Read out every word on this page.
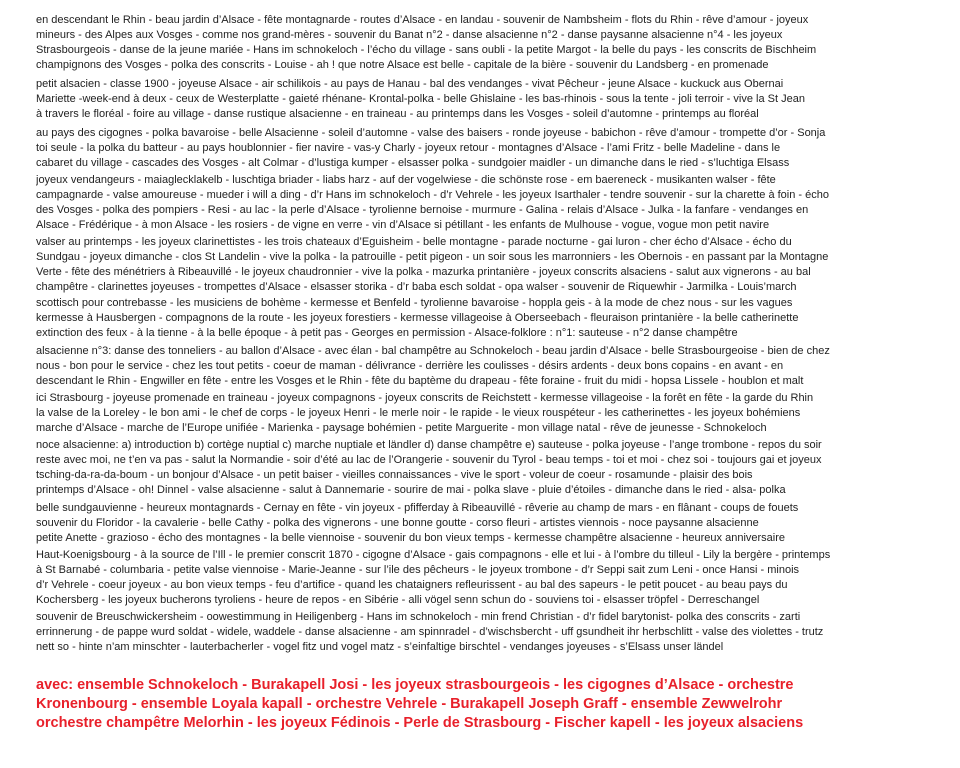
en descendant le Rhin - beau jardin d’Alsace - fête montagnarde - routes d’Alsace - en landau - souvenir de Nambsheim - flots du Rhin - rêve d’amour - joyeux
mineurs - des Alpes aux Vosges - comme nos grand-mères - souvenir du Banat n°2 - danse alsacienne n°2 - danse paysanne alsacienne n°4 - les joyeux
Strasbourgeois - danse de la jeune mariée - Hans im schnokeloch - l’écho du village - sans oubli - la petite Margot - la belle du pays - les conscrits de Bischheim
champignons des Vosges - polka des conscrits - Louise - ah ! que notre Alsace est belle - capitale de la bière - souvenir du Landsberg - en promenade
petit alsacien - classe 1900 - joyeuse Alsace - air schilikois - au pays de Hanau - bal des vendanges - vivat Pêcheur - jeune Alsace - kuckuck aus Obernai
Mariette -week-end à deux - ceux de Westerplatte - gaieté rhénane- Krontal-polka - belle Ghislaine - les bas-rhinois - sous la tente - joli terroir - vive la St Jean
à travers le floréal - foire au village - danse rustique alsacienne - en traineau - au printemps dans les Vosges - soleil d’automne - printemps au floréal
au pays des cigognes - polka bavaroise - belle Alsacienne - soleil d’automne - valse des baisers - ronde joyeuse - babichon - rêve d’amour - trompette d’or - Sonja
toi seule - la polka du batteur - au pays houblonnier - fier navire - vas-y Charly - joyeux retour - montagnes d’Alsace - l’ami Fritz - belle Madeline - dans le
cabaret du village - cascades des Vosges - alt Colmar - d’lustiga kumper - elsasser polka - sundgoier maidler - un dimanche dans le ried - s’luchtiga Elsass
joyeux vendangeurs - maiaglecklakelb - luschtiga briader - liabs harz - auf der vogelwiese - die schönste rose - em baereneck - musikanten walser - fête
campagnarde - valse amoureuse - mueder i will a ding - d’r Hans im schnokeloch - d’r Vehrele - les joyeux Isarthaler - tendre souvenir - sur la charette à foin - écho
des Vosges - polka des pompiers - Resi - au lac - la perle d’Alsace - tyrolienne bernoise - murmure - Galina - relais d’Alsace - Julka - la fanfare - vendanges en
Alsace - Frédérique - à mon Alsace - les rosiers - de vigne en verre - vin d’Alsace si pétillant - les enfants de Mulhouse - vogue, vogue mon petit navire
valser au printemps - les joyeux clarinettistes - les trois chateaux d’Eguisheim - belle montagne - parade nocturne - gai luron - cher écho d’Alsace - écho du
Sundgau - joyeux dimanche - clos St Landelin - vive la polka - la patrouille - petit pigeon - un soir sous les marronniers - les Obernois - en passant par la Montagne
Verte - fête des ménétriers à Ribeauvillé - le joyeux chaudronnier - vive la polka - mazurka printanière - joyeux conscrits alsaciens - salut aux vignerons - au bal
champêtre - clarinettes joyeuses - trompettes d’Alsace - elsasser storika - d’r baba esch soldat - opa walser - souvenir de Riquewhir - Jarmilka - Louis’march
scottisch pour contrebasse - les musiciens de bohème - kermesse et Benfeld - tyrolienne bavaroise - hoppla geis - à la mode de chez nous - sur les vagues
kermesse à Hausbergen - compagnons de la route - les joyeux forestiers - kermesse villageoise à Oberseebach - fleuraison printanière - la belle catherinette
extinction des feux - à la tienne - à la belle époque - à petit pas - Georges en permission - Alsace-folklore : n°1: sauteuse - n°2 danse champêtre
alsacienne n°3: danse des tonneliers - au ballon d’Alsace - avec élan - bal champêtre au Schnokeloch - beau jardin d’Alsace - belle Strasbourgeoise - bien de chez
nous - bon pour le service - chez les tout petits - coeur de maman - délivrance - derrière les coulisses - désirs ardents - deux bons copains - en avant - en
descendant le Rhin - Engwiller en fête - entre les Vosges et le Rhin - fête du baptème du drapeau - fête foraine - fruit du midi - hopsa Lissele - houblon et malt
ici Strasbourg - joyeuse promenade en traineau - joyeux compagnons - joyeux conscrits de Reichstett - kermesse villageoise - la forêt en fête - la garde du Rhin
la valse de la Loreley - le bon ami - le chef de corps - le joyeux Henri - le merle noir - le rapide - le vieux rouspéteur - les catherinettes - les joyeux bohémiens
marche d’Alsace - marche de l’Europe unifiée - Marienka - paysage bohémien - petite Marguerite - mon village natal - rêve de jeunesse - Schnokeloch
noce alsacienne: a) introduction b) cortège nuptial c) marche nuptiale et ländler d) danse champêtre e) sauteuse - polka joyeuse - l’ange trombone - repos du soir
reste avec moi, ne t’en va pas - salut la Normandie - soir d’été au lac de l’Orangerie - souvenir du Tyrol - beau temps - toi et moi - chez soi - toujours gai et joyeux
tsching-da-ra-da-boum - un bonjour d’Alsace - un petit baiser - vieilles connaissances - vive le sport - voleur de coeur - rosamunde - plaisir des bois
printemps d’Alsace - oh! Dinnel - valse alsacienne - salut à Dannemarie - sourire de mai - polka slave - pluie d’étoiles - dimanche dans le ried - alsa- polka
belle sundgauvienne - heureux montagnards - Cernay en fête - vin joyeux - pfifferday à Ribeauvillé - rêverie au champ de mars - en flânant - coups de fouets
souvenir du Floridor - la cavalerie - belle Cathy - polka des vignerons - une bonne goutte - corso fleuri - artistes viennois - noce paysanne alsacienne
petite Anette - grazioso - écho des montagnes - la belle viennoise - souvenir du bon vieux temps - kermesse champêtre alsacienne - heureux anniversaire
Haut-Koenigsbourg - à la source de l’Ill - le premier conscrit 1870 - cigogne d’Alsace - gais compagnons - elle et lui - à l’ombre du tilleul - Lily la bergère - printemps
à St Barnabé - columbaria - petite valse viennoise - Marie-Jeanne - sur l’ile des pêcheurs - le joyeux trombone - d’r Seppi sait zum Leni - once Hansi - minois
d’r Vehrele - coeur joyeux - au bon vieux temps - feu d’artifice - quand les chataigners refleurissent - au bal des sapeurs - le petit poucet - au beau pays du
Kochersberg - les joyeux bucherons tyroliens - heure de repos - en Sibérie - alli vögel senn schun do - souviens toi - elsasser tröpfel - Derreschangel
souvenir de Breuschwickersheim - oowestimmung in Heiligenberg - Hans im schnokeloch - min frend Christian - d’r fidel barytonist- polka des conscrits - zarti
errinnerung - de pappe wurd soldat - widele, waddele - danse alsacienne - am spinnradel - d’wischsbercht - uff gsundheit ihr herbschlitt - valse des violettes - trutz
nett so - hinte n’am minschter - lauterbacherler - vogel fitz und vogel matz - s’einfaltige birschtel - vendanges joyeuses - s’Elsass unser ländel
avec: ensemble Schnokeloch - Burakapell Josi - les joyeux strasbourgeois - les cigognes d’Alsace - orchestre
Kronenbourg - ensemble Loyala kapall - orchestre Vehrele - Burakapell Joseph Graff - ensemble Zewwelrohr
orchestre champêtre Melorhin - les joyeux Fédinois - Perle de Strasbourg - Fischer kapell - les joyeux alsaciens
